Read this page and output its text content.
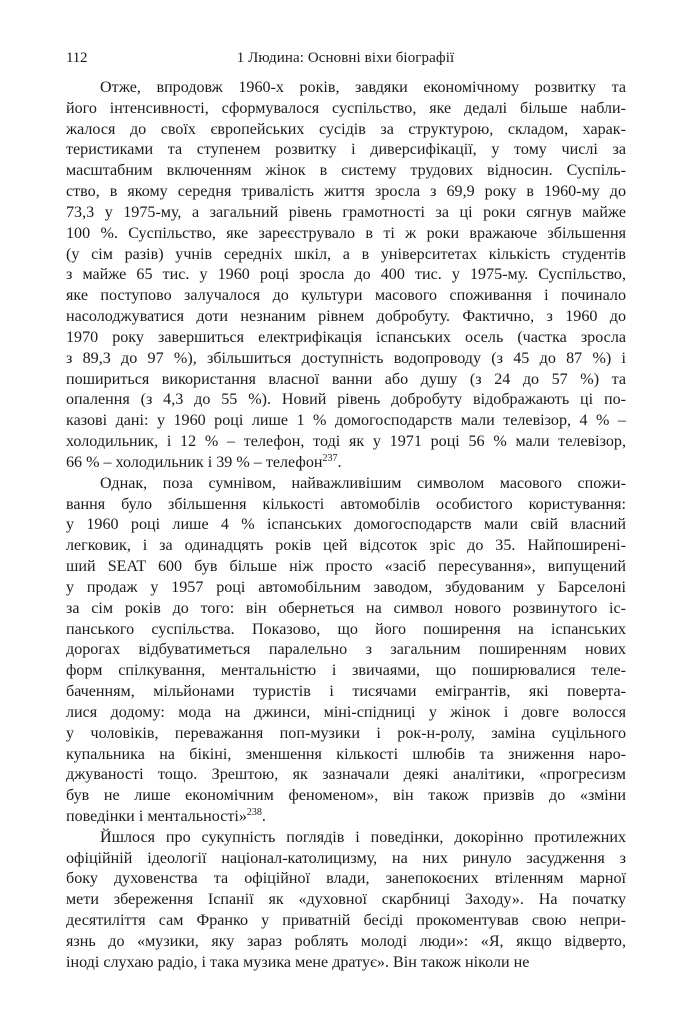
112	1 Людина: Основні віхи біографії
Отже, впродовж 1960-х років, завдяки економічному розвитку та
його інтенсивності, сформувалося суспільство, яке дедалі більше набли-
жалося до своїх європейських сусідів за структурою, складом, харак-
теристиками та ступенем розвитку і диверсифікації, у тому числі за
масштабним включенням жінок в систему трудових відносин. Суспіль-
ство, в якому середня тривалість життя зросла з 69,9 року в 1960-му до
73,3 у 1975-му, а загальний рівень грамотності за ці роки сягнув майже
100 %. Суспільство, яке зареєструвало в ті ж роки вражаюче збільшення
(у сім разів) учнів середніх шкіл, а в університетах кількість студентів
з майже 65 тис. у 1960 році зросла до 400 тис. у 1975-му. Суспільство,
яке поступово залучалося до культури масового споживання і починало
насолоджуватися доти незнаним рівнем добробуту. Фактично, з 1960 до
1970 року завершиться електрифікація іспанських осель (частка зросла
з 89,3 до 97 %), збільшиться доступність водопроводу (з 45 до 87 %) і
пошириться використання власної ванни або душу (з 24 до 57 %) та
опалення (з 4,3 до 55 %). Новий рівень добробуту відображають ці по-
казові дані: у 1960 році лише 1 % домогосподарств мали телевізор, 4 % –
холодильник, і 12 % – телефон, тоді як у 1971 році 56 % мали телевізор,
66 % – холодильник і 39 % – телефон$^{237}$.
Однак, поза сумнівом, найважливішим символом масового спожи-
вання було збільшення кількості автомобілів особистого користування:
у 1960 році лише 4 % іспанських домогосподарств мали свій власний
легковик, і за одинадцять років цей відсоток зріс до 35. Найпоширені-
ший SEAT 600 був більше ніж просто «засіб пересування», випущений
у продаж у 1957 році автомобільним заводом, збудованим у Барселоні
за сім років до того: він обернеться на символ нового розвинутого іс-
панського суспільства. Показово, що його поширення на іспанських
дорогах відбуватиметься паралельно з загальним поширенням нових
форм спілкування, ментальністю і звичаями, що поширювалися теле-
баченням, мільйонами туристів і тисячами емігрантів, які поверта-
лися додому: мода на джинси, міні-спідниці у жінок і довге волосся
у чоловіків, переважання поп-музики і рок-н-ролу, заміна суцільного
купальника на бікіні, зменшення кількості шлюбів та зниження наро-
джуваності тощо. Зрештою, як зазначали деякі аналітики, «прогресизм
був не лише економічним феноменом», він також призвів до «зміни
поведінки і ментальності»$^{238}$.
Йшлося про сукупність поглядів і поведінки, докорінно протилежних
офіційній ідеології націонал-католицизму, на них ринуло засудження з
боку духовенства та офіційної влади, занепокоєних втіленням марної
мети збереження Іспанії як «духовної скарбниці Заходу». На початку
десятиліття сам Франко у приватній бесіді прокоментував свою непри-
язнь до «музики, яку зараз роблять молоді люди»: «Я, якщо відверто,
іноді слухаю радіо, і така музика мене дратує». Він також ніколи не
